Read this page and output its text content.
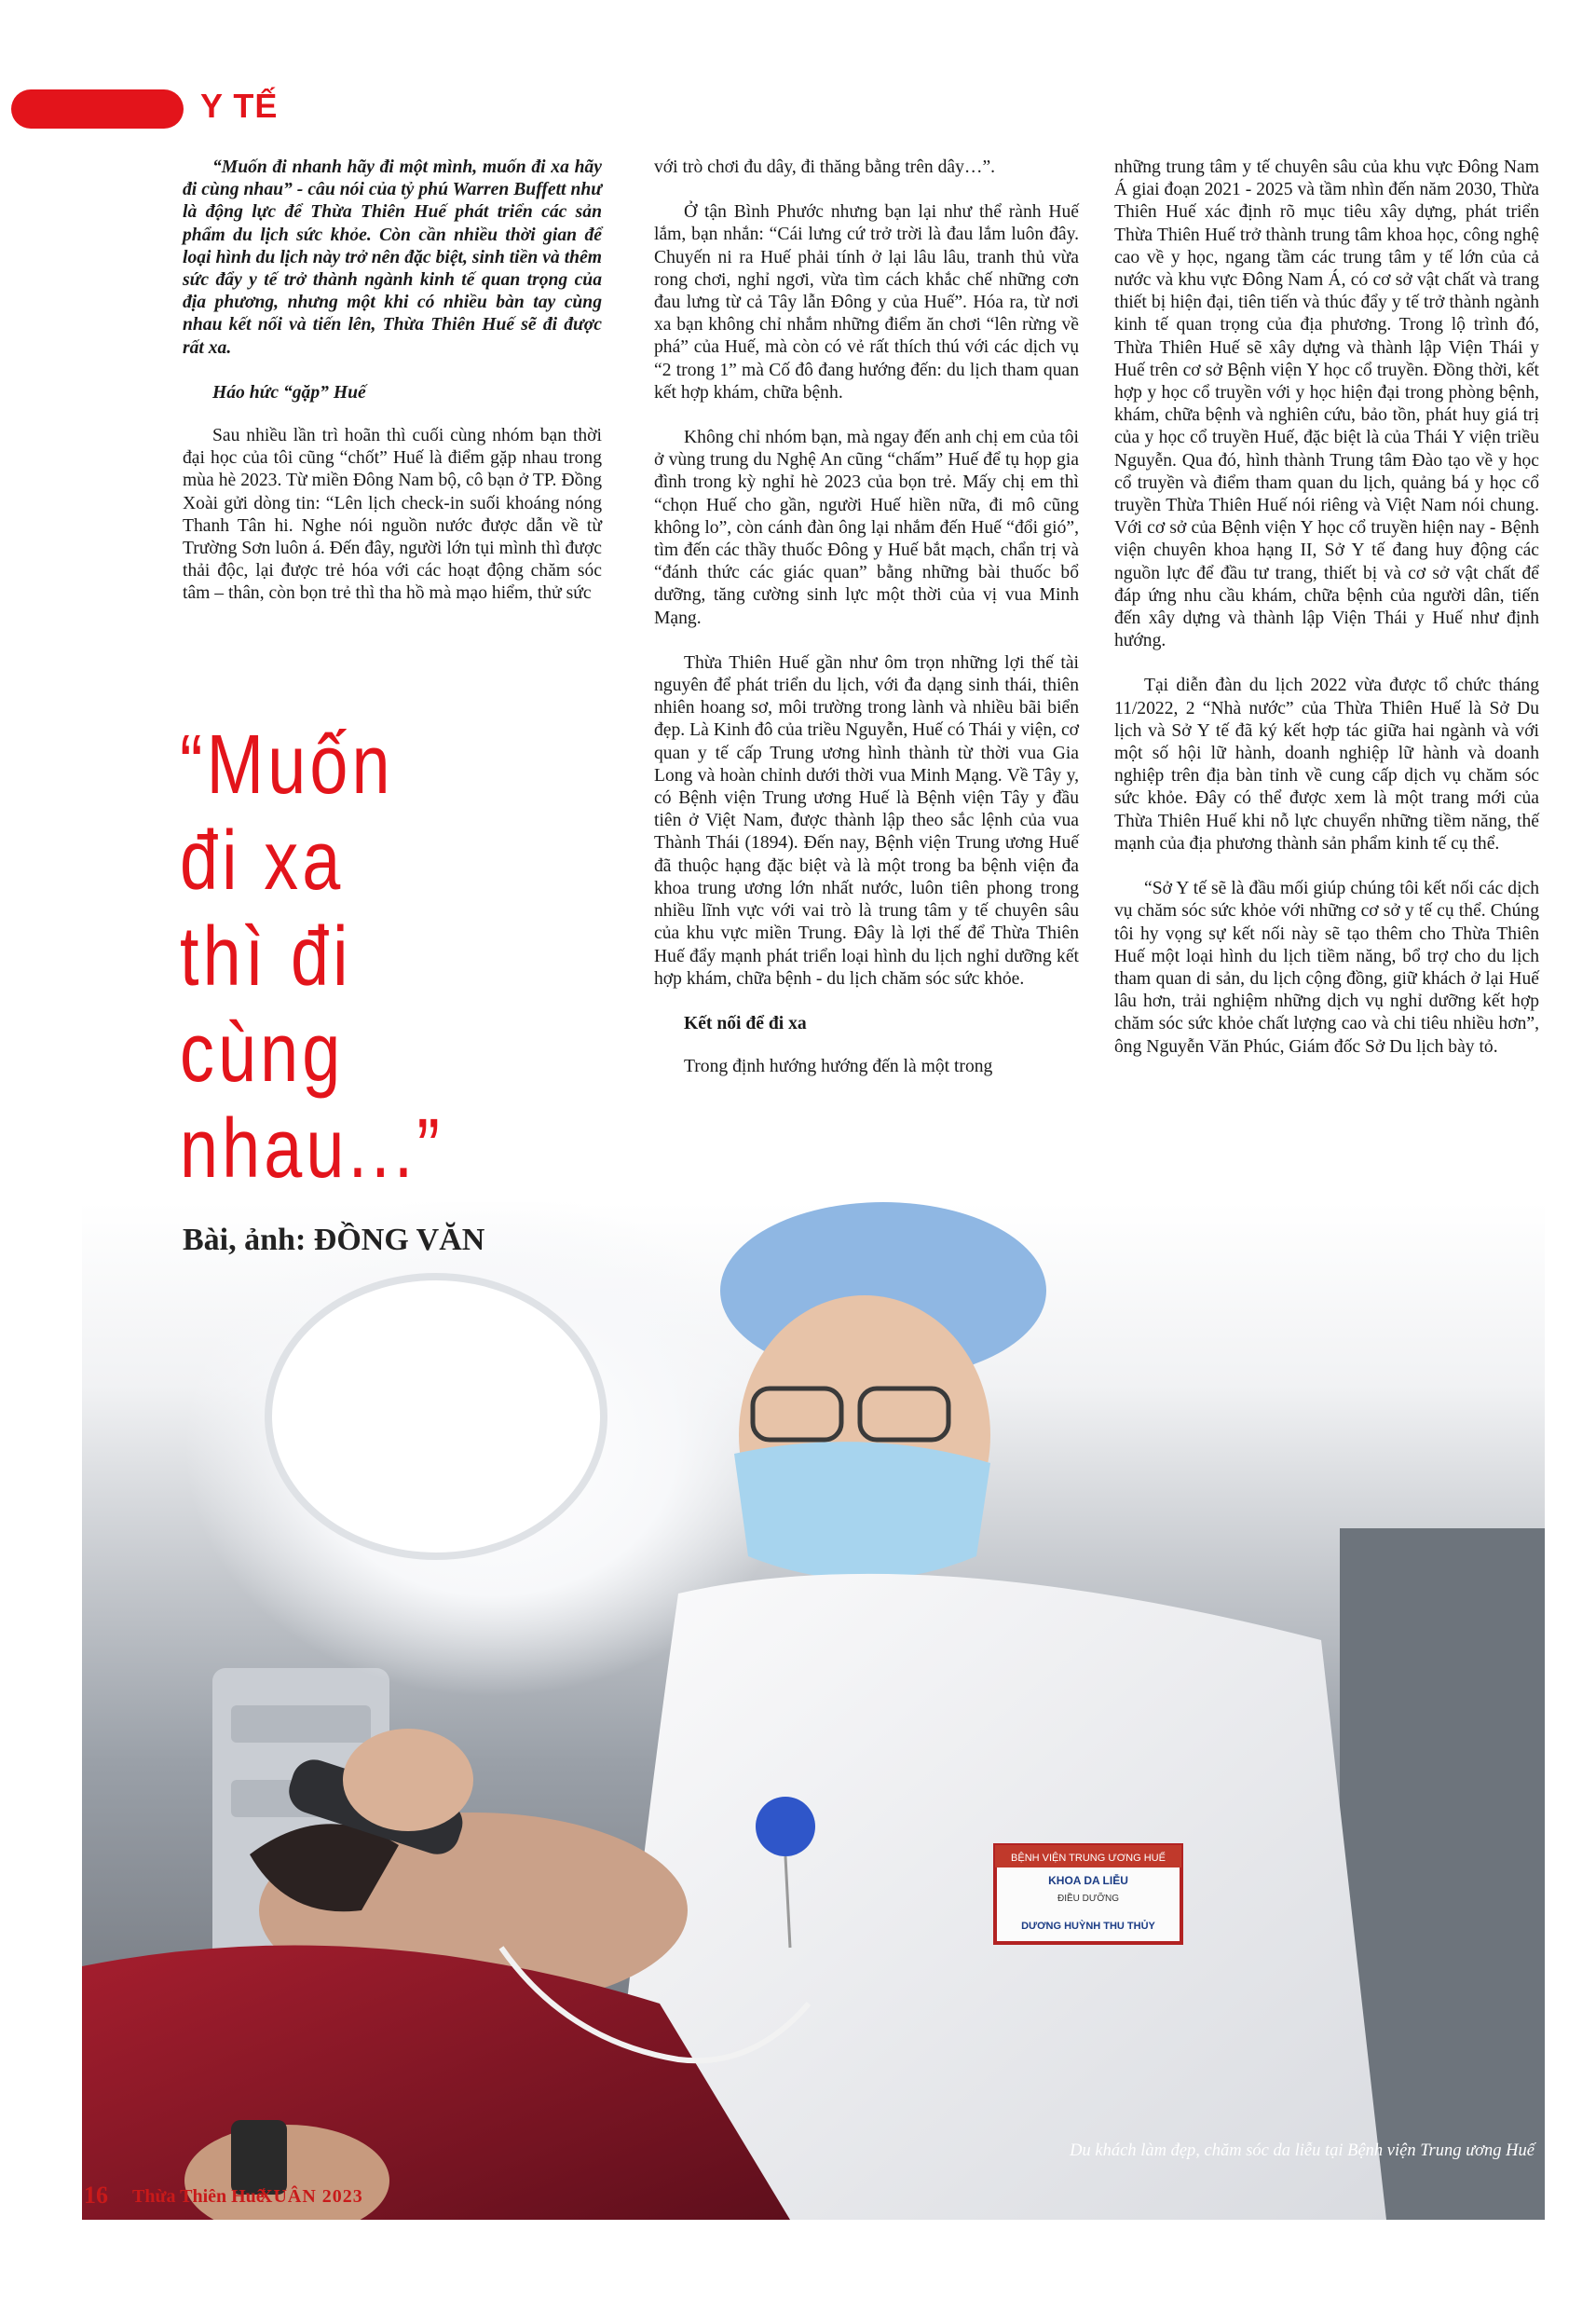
Y TẾ

“Muốn đi nhanh hãy đi một mình, muốn đi xa hãy đi cùng nhau” - câu nói của tỷ phú Warren Buffett như là động lực để Thừa Thiên Huế phát triển các sản phẩm du lịch sức khỏe. Còn cần nhiều thời gian để loại hình du lịch này trở nên đặc biệt, sinh tiền và thêm sức đẩy y tế trở thành ngành kinh tế quan trọng của địa phương, nhưng một khi có nhiều bàn tay cùng nhau kết nối và tiến lên, Thừa Thiên Huế sẽ đi được rất xa.

Háo hức “gặp” Huế

Sau nhiều lần trì hoãn thì cuối cùng nhóm bạn thời đại học của tôi cũng “chốt” Huế là điểm gặp nhau trong mùa hè 2023. Từ miền Đông Nam bộ, cô bạn ở TP. Đồng Xoài gửi dòng tin: “Lên lịch check-in suối khoáng nóng Thanh Tân hi. Nghe nói nguồn nước được dẫn về từ Trường Sơn luôn á. Đến đây, người lớn tụi mình thì được thải độc, lại được trẻ hóa với các hoạt động chăm sóc tâm – thân, còn bọn trẻ thì tha hồ mà mạo hiểm, thử sức

“Muốn
đi xa
thì đi
cùng
nhau...”
BỆNH VIỆN TRUNG ƯƠNG HUẾ
KHOA DA LIỄU
ĐIỀU DƯỠNG
DƯƠNG HUỲNH THU THỦY
Bài, ảnh: ĐỒNG VĂN

với trò chơi đu dây, đi thăng bằng trên dây…”.

Ở tận Bình Phước nhưng bạn lại như thể rành Huế lắm, bạn nhắn: “Cái lưng cứ trở trời là đau lắm luôn đây. Chuyến ni ra Huế phải tính ở lại lâu lâu, tranh thủ vừa rong chơi, nghỉ ngơi, vừa tìm cách khắc chế những cơn đau lưng từ cả Tây lẫn Đông y của Huế”. Hóa ra, từ nơi xa bạn không chỉ nhắm những điểm ăn chơi “lên rừng về phá” của Huế, mà còn có vẻ rất thích thú với các dịch vụ “2 trong 1” mà Cố đô đang hướng đến: du lịch tham quan kết hợp khám, chữa bệnh.

Không chỉ nhóm bạn, mà ngay đến anh chị em của tôi ở vùng trung du Nghệ An cũng “chấm” Huế để tụ họp gia đình trong kỳ nghỉ hè 2023 của bọn trẻ. Mấy chị em thì “chọn Huế cho gần, người Huế hiền nữa, đi mô cũng không lo”, còn cánh đàn ông lại nhắm đến Huế “đổi gió”, tìm đến các thầy thuốc Đông y Huế bắt mạch, chẩn trị và “đánh thức các giác quan” bằng những bài thuốc bổ dưỡng, tăng cường sinh lực một thời của vị vua Minh Mạng.

Thừa Thiên Huế gần như ôm trọn những lợi thế tài nguyên để phát triển du lịch, với đa dạng sinh thái, thiên nhiên hoang sơ, môi trường trong lành và nhiều bãi biển đẹp. Là Kinh đô của triều Nguyễn, Huế có Thái y viện, cơ quan y tế cấp Trung ương hình thành từ thời vua Gia Long và hoàn chỉnh dưới thời vua Minh Mạng. Về Tây y, có Bệnh viện Trung ương Huế là Bệnh viện Tây y đầu tiên ở Việt Nam, được thành lập theo sắc lệnh của vua Thành Thái (1894). Đến nay, Bệnh viện Trung ương Huế đã thuộc hạng đặc biệt và là một trong ba bệnh viện đa khoa trung ương lớn nhất nước, luôn tiên phong trong nhiều lĩnh vực với vai trò là trung tâm y tế chuyên sâu của khu vực miền Trung. Đây là lợi thế để Thừa Thiên Huế đẩy mạnh phát triển loại hình du lịch nghỉ dưỡng kết hợp khám, chữa bệnh - du lịch chăm sóc sức khỏe.

Kết nối để đi xa

Trong định hướng hướng đến là một trong

những trung tâm y tế chuyên sâu của khu vực Đông Nam Á giai đoạn 2021 - 2025 và tầm nhìn đến năm 2030, Thừa Thiên Huế xác định rõ mục tiêu xây dựng, phát triển Thừa Thiên Huế trở thành trung tâm khoa học, công nghệ cao về y học, ngang tầm các trung tâm y tế lớn của cả nước và khu vực Đông Nam Á, có cơ sở vật chất và trang thiết bị hiện đại, tiên tiến và thúc đẩy y tế trở thành ngành kinh tế quan trọng của địa phương. Trong lộ trình đó, Thừa Thiên Huế sẽ xây dựng và thành lập Viện Thái y Huế trên cơ sở Bệnh viện Y học cổ truyền. Đồng thời, kết hợp y học cổ truyền với y học hiện đại trong phòng bệnh, khám, chữa bệnh và nghiên cứu, bảo tồn, phát huy giá trị của y học cổ truyền Huế, đặc biệt là của Thái Y viện triều Nguyễn. Qua đó, hình thành Trung tâm Đào tạo về y học cổ truyền và điểm tham quan du lịch, quảng bá y học cổ truyền Thừa Thiên Huế nói riêng và Việt Nam nói chung. Với cơ sở của Bệnh viện Y học cổ truyền hiện nay - Bệnh viện chuyên khoa hạng II, Sở Y tế đang huy động các nguồn lực để đầu tư trang, thiết bị và cơ sở vật chất để đáp ứng nhu cầu khám, chữa bệnh của người dân, tiến đến xây dựng và thành lập Viện Thái y Huế như định hướng.

Tại diễn đàn du lịch 2022 vừa được tổ chức tháng 11/2022, 2 “Nhà nước” của Thừa Thiên Huế là Sở Du lịch và Sở Y tế đã ký kết hợp tác giữa hai ngành và với một số hội lữ hành, doanh nghiệp lữ hành và doanh nghiệp trên địa bàn tỉnh về cung cấp dịch vụ chăm sóc sức khỏe. Đây có thể được xem là một trang mới của Thừa Thiên Huế khi nỗ lực chuyển những tiềm năng, thế mạnh của địa phương thành sản phẩm kinh tế cụ thể.

“Sở Y tế sẽ là đầu mối giúp chúng tôi kết nối các dịch vụ chăm sóc sức khỏe với những cơ sở y tế cụ thể. Chúng tôi hy vọng sự kết nối này sẽ tạo thêm cho Thừa Thiên Huế một loại hình du lịch tiềm năng, bổ trợ cho du lịch tham quan di sản, du lịch cộng đồng, giữ khách ở lại Huế lâu hơn, trải nghiệm những dịch vụ nghỉ dưỡng kết hợp chăm sóc sức khỏe chất lượng cao và chi tiêu nhiều hơn”, ông Nguyễn Văn Phúc, Giám đốc Sở Du lịch bày tỏ.

Du khách làm đẹp, chăm sóc da liễu tại Bệnh viện Trung ương Huế
16 Thừa Thiên Huế
XUÂN 2023
